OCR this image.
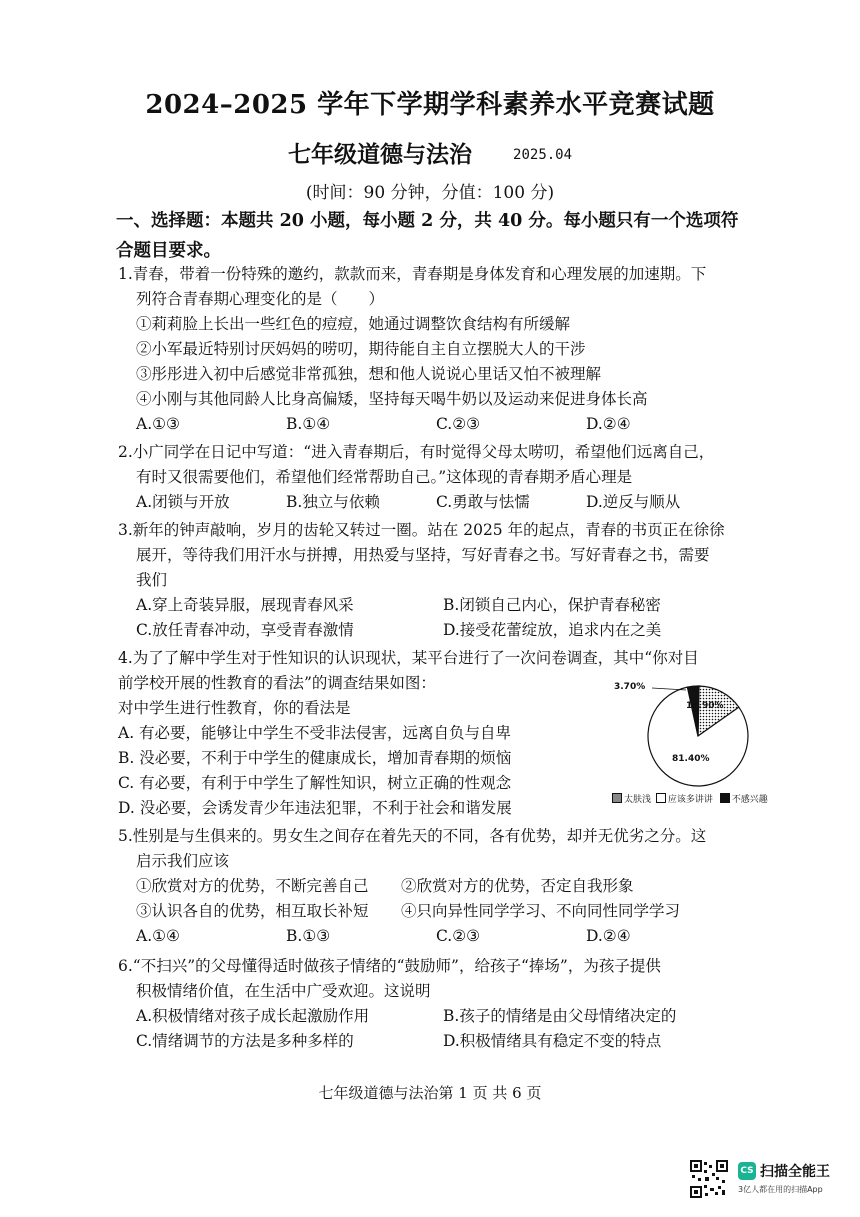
2024–2025 学年下学期学科素养水平竞赛试题
七年级道德与法治	2025.04
(时间：90 分钟，分值：100 分)
一、选择题：本题共 20 小题，每小题 2 分，共 40 分。每小题只有一个选项符
合题目要求。
1.青春，带着一份特殊的邀约，款款而来，青春期是身体发育和心理发展的加速期。下
列符合青春期心理变化的是（　　）
①莉莉脸上长出一些红色的痘痘，她通过调整饮食结构有所缓解
②小军最近特别讨厌妈妈的唠叨，期待能自主自立摆脱大人的干涉
③彤彤进入初中后感觉非常孤独，想和他人说说心里话又怕不被理解
④小刚与其他同龄人比身高偏矮，坚持每天喝牛奶以及运动来促进身体长高
A.①③	B.①④	C.②③	D.②④
2.小广同学在日记中写道：“进入青春期后，有时觉得父母太唠叨，希望他们远离自己，
有时又很需要他们，希望他们经常帮助自己。”这体现的青春期矛盾心理是
A.闭锁与开放	B.独立与依赖	C.勇敢与怯懦	D.逆反与顺从
3.新年的钟声敲响，岁月的齿轮又转过一圈。站在 2025 年的起点，青春的书页正在徐徐
展开，等待我们用汗水与拼搏，用热爱与坚持，写好青春之书。写好青春之书，需要
我们
A.穿上奇装异服，展现青春风采	B.闭锁自己内心，保护青春秘密
C.放任青春冲动，享受青春激情	D.接受花蕾绽放，追求内在之美
4.为了了解中学生对于性知识的认识现状，某平台进行了一次问卷调查，其中“你对目
前学校开展的性教育的看法”的调查结果如图：
对中学生进行性教育，你的看法是
A. 有必要，能够让中学生不受非法侵害，远离自负与自卑
B. 没必要，不利于中学生的健康成长，增加青春期的烦恼
C. 有必要，有利于中学生了解性知识，树立正确的性观念
D. 没必要，会诱发青少年违法犯罪，不利于社会和谐发展
14.90%
81.40%
3.70%
太肤浅 应该多讲讲 不感兴趣
5.性别是与生俱来的。男女生之间存在着先天的不同，各有优势，却并无优劣之分。这
启示我们应该
①欣赏对方的优势，不断完善自己	②欣赏对方的优势，否定自我形象
③认识各自的优势，相互取长补短	④只向异性同学学习、不向同性同学学习
A.①④	B.①③	C.②③	D.②④
6.“不扫兴”的父母懂得适时做孩子情绪的“鼓励师”，给孩子“捧场”，为孩子提供
积极情绪价值，在生活中广受欢迎。这说明
A.积极情绪对孩子成长起激励作用	B.孩子的情绪是由父母情绪决定的
C.情绪调节的方法是多种多样的	D.积极情绪具有稳定不变的特点
七年级道德与法治第 1 页 共 6 页
CS 扫描全能王
3亿人都在用的扫描App
